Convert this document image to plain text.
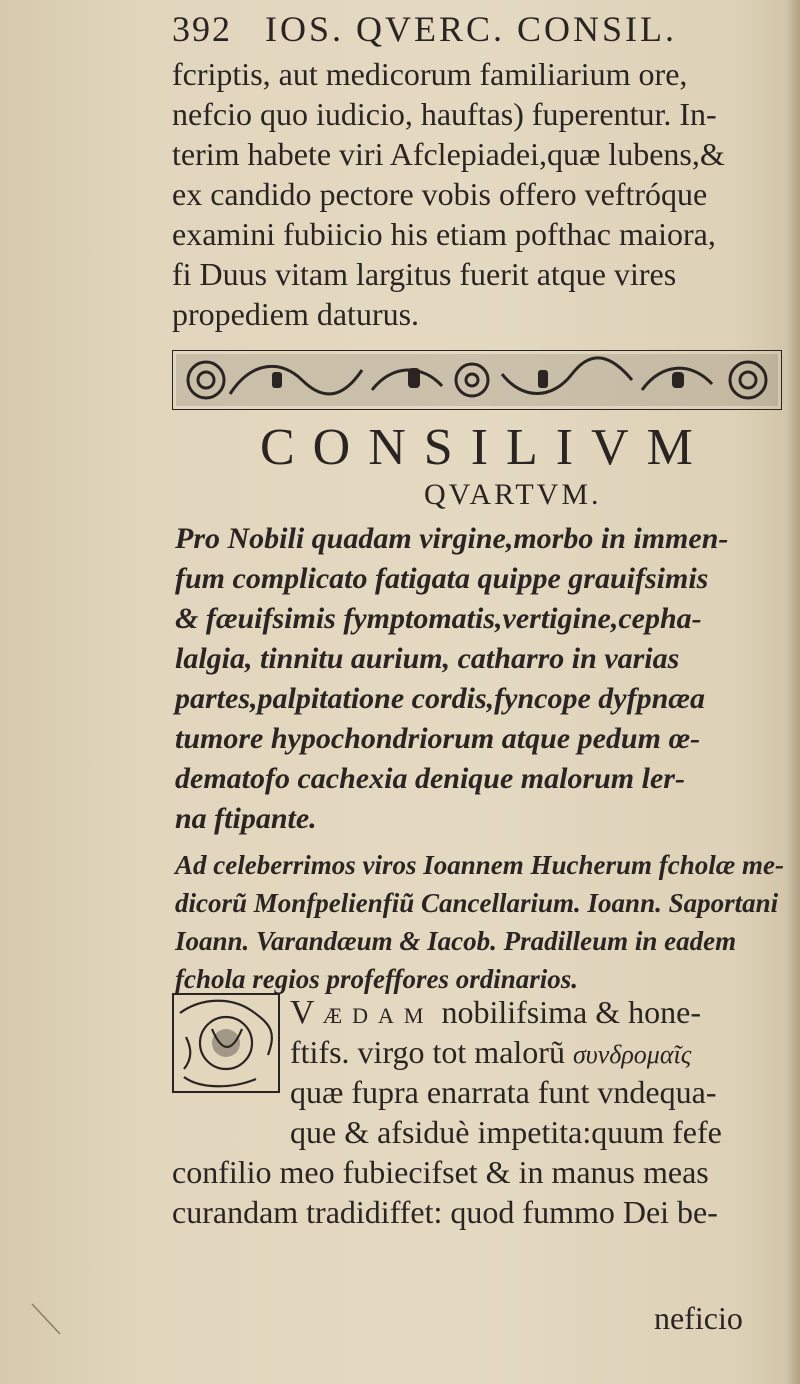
392 IOS. QVERC. CONSIL.
fcriptis, aut medicorum familiarium ore,
nefcio quo iudicio, hauftas) fuperentur. In-
terim habete viri Afclepiadei,quæ lubens,&
ex candido pectore vobis offero veftróque
examini fubiicio his etiam pofthac maiora,
fi Duus vitam largitus fuerit atque vires
propediem daturus.
CONSILIVM
QVARTVM.
Pro Nobili quadam virgine,morbo in immen-
fum complicato fatigata quippe grauifsimis
& fæuifsimis fymptomatis,vertigine,cepha-
lalgia, tinnitu aurium, catharro in varias
partes,palpitatione cordis,fyncope dyfpnæa
tumore hypochondriorum atque pedum œ-
dematofo cachexia denique malorum ler-
na ftipante.
Ad celeberrimos viros Ioannem Hucherum fcholæ me-
dicorũ Monfpelienfiũ Cancellarium. Ioann. Saportani
Ioann. Varandæum & Iacob. Pradilleum in eadem
fchola regios profeffores ordinarios.
VÆDAM nobilifsima & hone-
ftifs. virgo tot malorũ συνδρομαῖς
quæ fupra enarrata funt vndequa-
que & afsiduè impetita:quum fefe
confilio meo fubiecifset & in manus meas
curandam tradidiffet: quod fummo Dei be-
neficio
